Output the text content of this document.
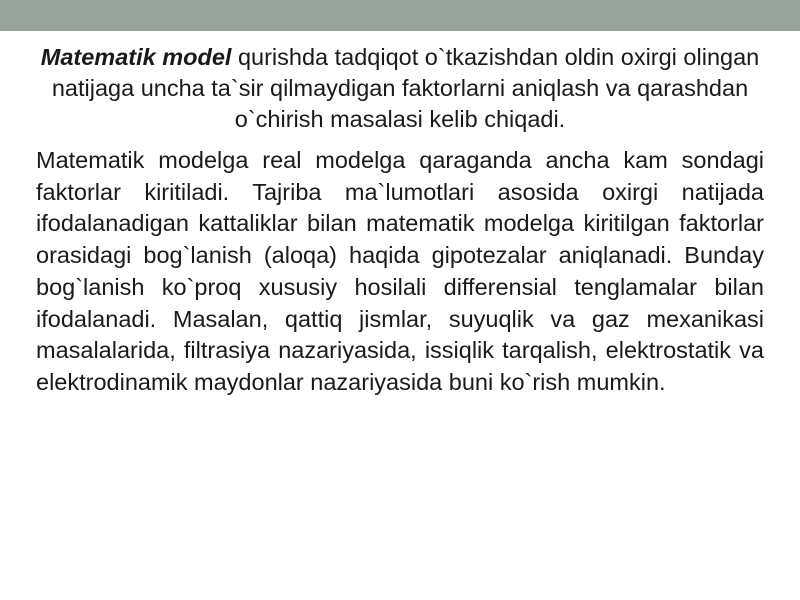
Matematik model qurishda tadqiqot o`tkazishdan oldin oxirgi olingan natijaga uncha ta`sir qilmaydigan faktorlarni aniqlash va qarashdan o`chirish masalasi kelib chiqadi.

Matematik modelga real modelga qaraganda ancha kam sondagi faktorlar kiritiladi. Tajriba ma`lumotlari asosida oxirgi natijada ifodalanadigan kattaliklar bilan matematik modelga kiritilgan faktorlar orasidagi bog`lanish (aloqa) haqida gipotezalar aniqlanadi. Bunday bog`lanish ko`proq xususiy hosilali differensial tenglamalar bilan ifodalanadi. Masalan, qattiq jismlar, suyuqlik va gaz mexanikasi masalalarida, filtrasiya nazariyasida, issiqlik tarqalish, elektrostatik va elektrodinamik maydonlar nazariyasida buni ko`rish mumkin.
